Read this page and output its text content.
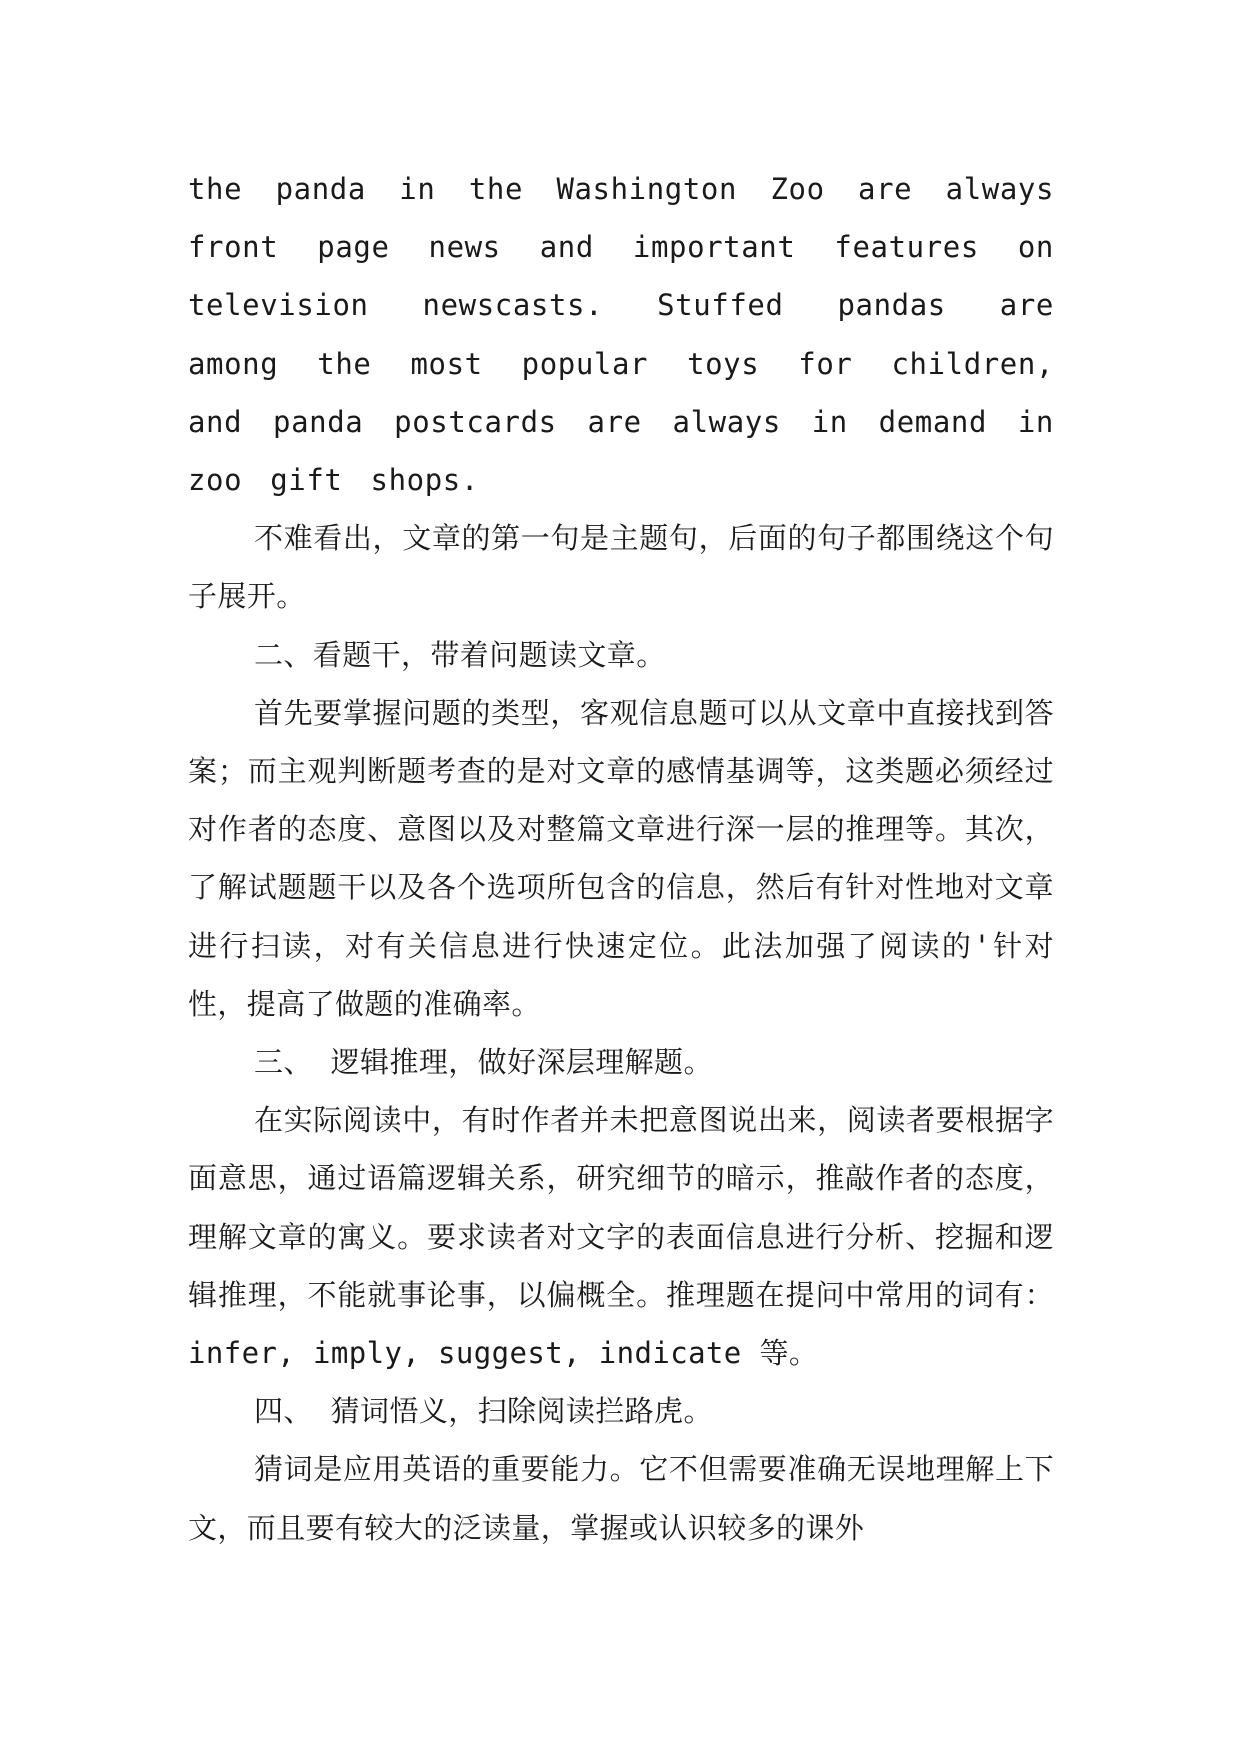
the panda in the Washington Zoo are always front page news and important features on television newscasts. Stuffed pandas are among the most popular toys for children, and panda postcards are always in demand in zoo gift shops.

不难看出，文章的第一句是主题句，后面的句子都围绕这个句子展开。

二、看题干，带着问题读文章。

首先要掌握问题的类型，客观信息题可以从文章中直接找到答案；而主观判断题考查的是对文章的感情基调等，这类题必须经过对作者的态度、意图以及对整篇文章进行深一层的推理等。其次，了解试题题干以及各个选项所包含的信息，然后有针对性地对文章进行扫读，对有关信息进行快速定位。此法加强了阅读的'针对性，提高了做题的准确率。

三、 逻辑推理，做好深层理解题。

在实际阅读中，有时作者并未把意图说出来，阅读者要根据字面意思，通过语篇逻辑关系，研究细节的暗示，推敲作者的态度，理解文章的寓义。要求读者对文字的表面信息进行分析、挖掘和逻辑推理，不能就事论事，以偏概全。推理题在提问中常用的词有：infer, imply, suggest, indicate 等。

四、 猜词悟义，扫除阅读拦路虎。

猜词是应用英语的重要能力。它不但需要准确无误地理解上下文，而且要有较大的泛读量，掌握或认识较多的课外
